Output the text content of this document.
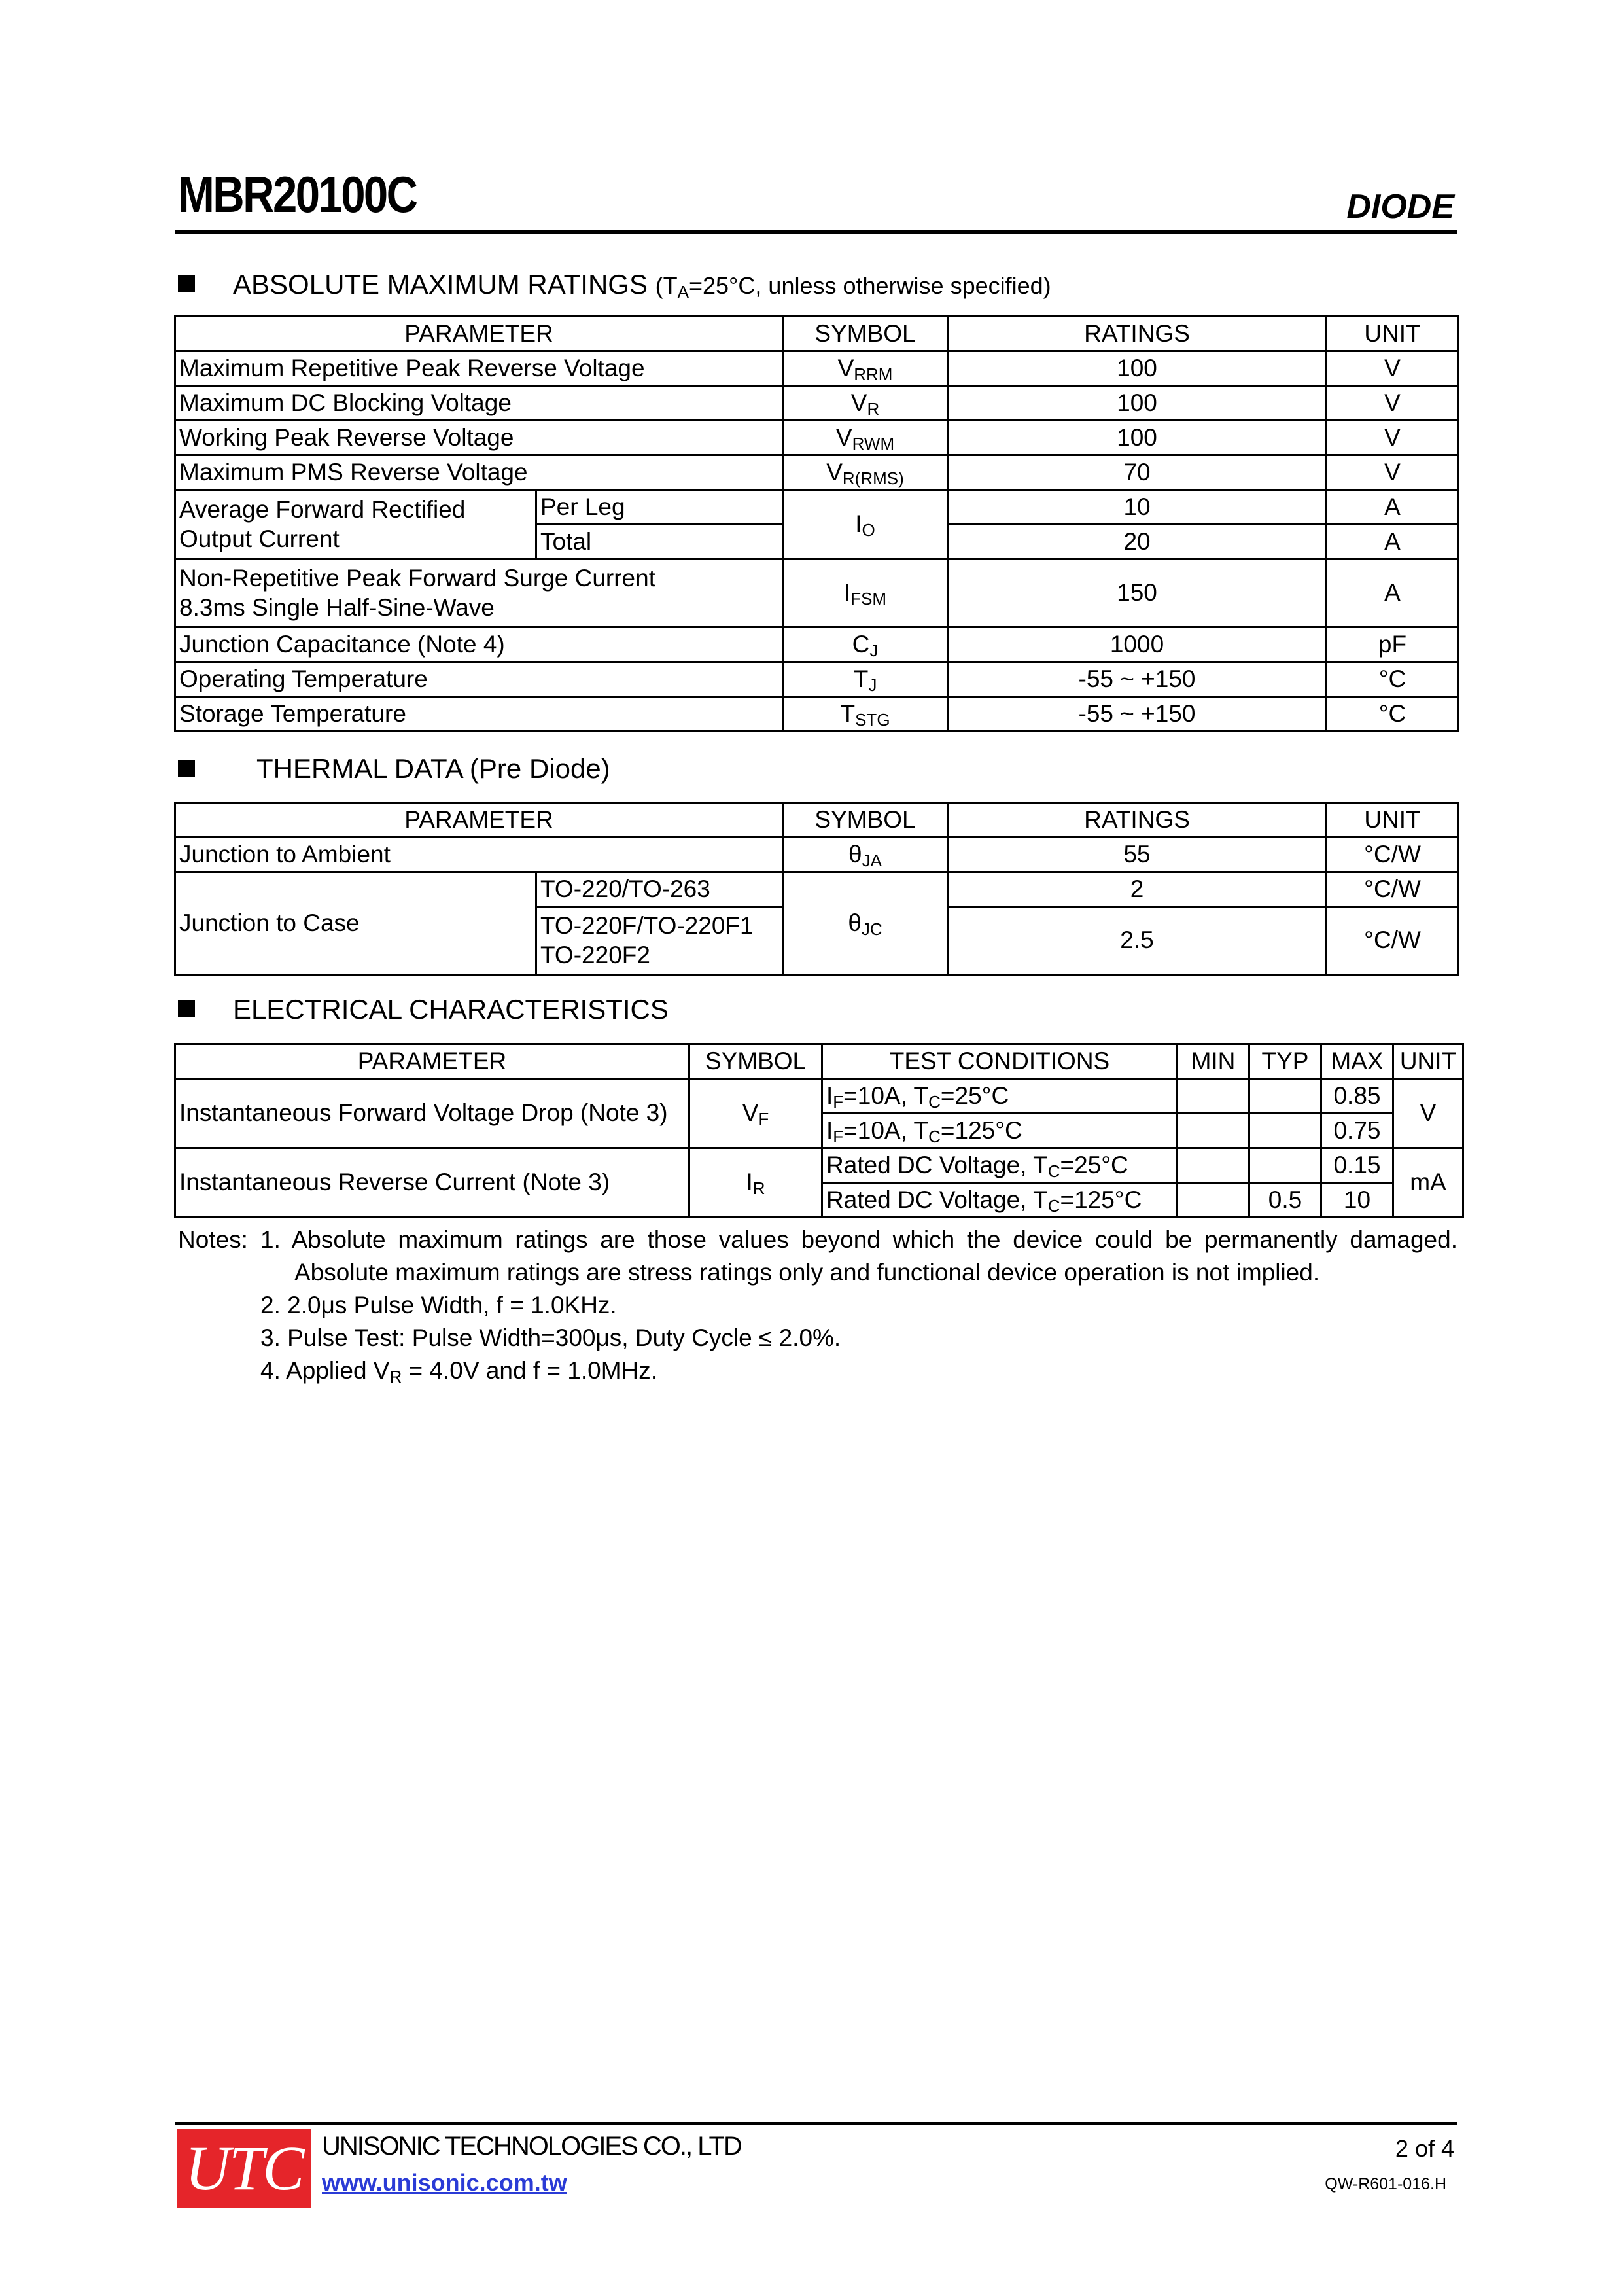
MBR20100C	DIODE
ABSOLUTE MAXIMUM RATINGS ($T_A=25^\circ C$, unless otherwise specified)
PARAMETER		SYMBOL	RATINGS	UNIT
Maximum Repetitive Peak Reverse Voltage		$V_{RRM}$	100	V
Maximum DC Blocking Voltage		$V_R$	100	V
Working Peak Reverse Voltage		$V_{RWM}$	100	V
Maximum PMS Reverse Voltage		$V_{R(RMS)}$	70	V
Average Forward Rectified
Output Current	Per Leg	$I_O$	10	A
	Total		20	A
Non-Repetitive Peak Forward Surge Current
8.3ms Single Half-Sine-Wave		$I_{FSM}$	150	A
Junction Capacitance (Note 4)		$C_J$	1000	pF
Operating Temperature		$T_J$	-55 ~ +150	°C
Storage Temperature		$T_{STG}$	-55 ~ +150	°C
THERMAL DATA (Pre Diode)
PARAMETER		SYMBOL	RATINGS	UNIT
Junction to Ambient		$\theta_{JA}$	55	°C/W
Junction to Case	TO-220/TO-263	$\theta_{JC}$	2	°C/W
	TO-220F/TO-220F1
TO-220F2		2.5	°C/W
ELECTRICAL CHARACTERISTICS
PARAMETER	SYMBOL	TEST CONDITIONS	MIN	TYP	MAX	UNIT
Instantaneous Forward Voltage Drop (Note 3)	$V_F$	$I_F=10A$, $T_C=25^\circ C$			0.85	V
		$I_F=10A$, $T_C=125^\circ C$			0.75	
Instantaneous Reverse Current (Note 3)	$I_R$	Rated DC Voltage, $T_C=25^\circ C$			0.15	mA
		Rated DC Voltage, $T_C=125^\circ C$		0.5	10	
Notes: 1. Absolute maximum ratings are those values beyond which the device could be permanently damaged.
Absolute maximum ratings are stress ratings only and functional device operation is not implied.
2. 2.0μs Pulse Width, f = 1.0KHz.
3. Pulse Test: Pulse Width=300μs, Duty Cycle ≤ 2.0%.
4. Applied $V_R = 4.0V$ and f = 1.0MHz.
UTC UNISONIC TECHNOLOGIES CO., LTD
www.unisonic.com.tw
2 of 4
QW-R601-016.H
